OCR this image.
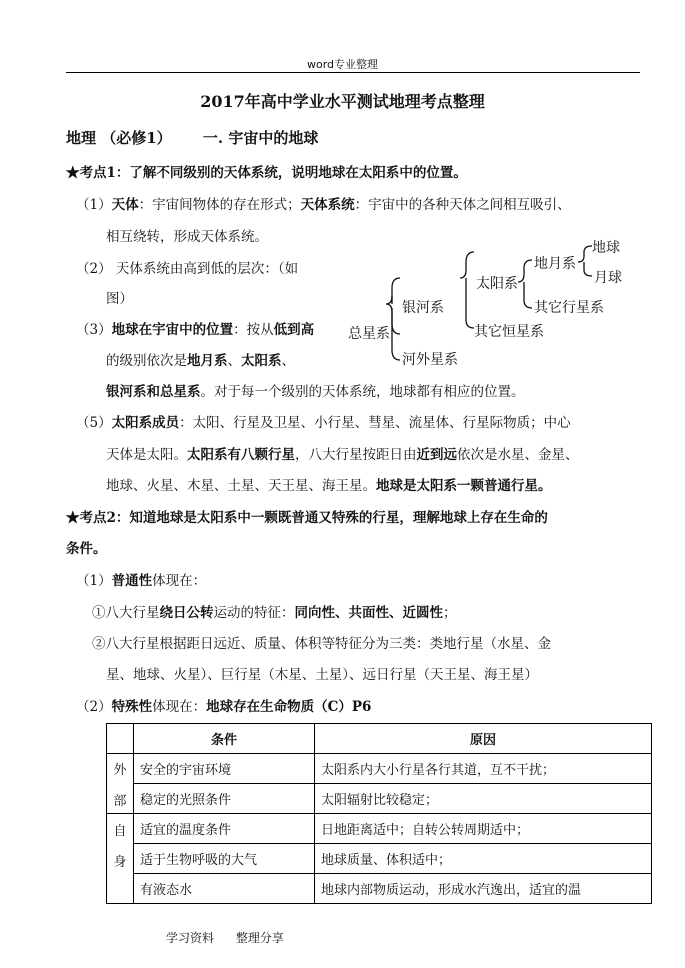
word专业整理
2017年高中学业水平测试地理考点整理
地理 （必修1） 一. 宇宙中的地球
★考点1：了解不同级别的天体系统，说明地球在太阳系中的位置。
（1）天体：宇宙间物体的存在形式；天体系统：宇宙中的各种天体之间相互吸引、
相互绕转，形成天体系统。
（2） 天体系统由高到低的层次：（如
图）
（3）地球在宇宙中的位置：按从低到高
的级别依次是地月系、太阳系、
银河系和总星系。对于每一个级别的天体系统，地球都有相应的位置。
（5）太阳系成员：太阳、行星及卫星、小行星、彗星、流星体、行星际物质；中心
天体是太阳。太阳系有八颗行星，八大行星按距日由近到远依次是水星、金星、
地球、火星、木星、土星、天王星、海王星。地球是太阳系一颗普通行星。
总星系
银河系
河外星系
太阳系
其它恒星系
地月系
其它行星系
地球
月球
★考点2：知道地球是太阳系中一颗既普通又特殊的行星，理解地球上存在生命的
条件。
（1）普通性体现在：
①八大行星绕日公转运动的特征：同向性、共面性、近圆性；
②八大行星根据距日远近、质量、体积等特征分为三类：类地行星（水星、金
星、地球、火星）、巨行星（木星、土星）、远日行星（天王星、海王星）
（2）特殊性体现在：地球存在生命物质（C）P6
	条件	原因

外
部	安全的宇宙环境	太阳系内大小行星各行其道，互不干扰；
	稳定的光照条件	太阳辐射比较稳定；

自
身	适宜的温度条件	日地距离适中；自转公转周期适中；
	适于生物呼吸的大气	地球质量、体积适中；
	有液态水	地球内部物质运动，形成水汽逸出，适宜的温
学习资料 整理分享
